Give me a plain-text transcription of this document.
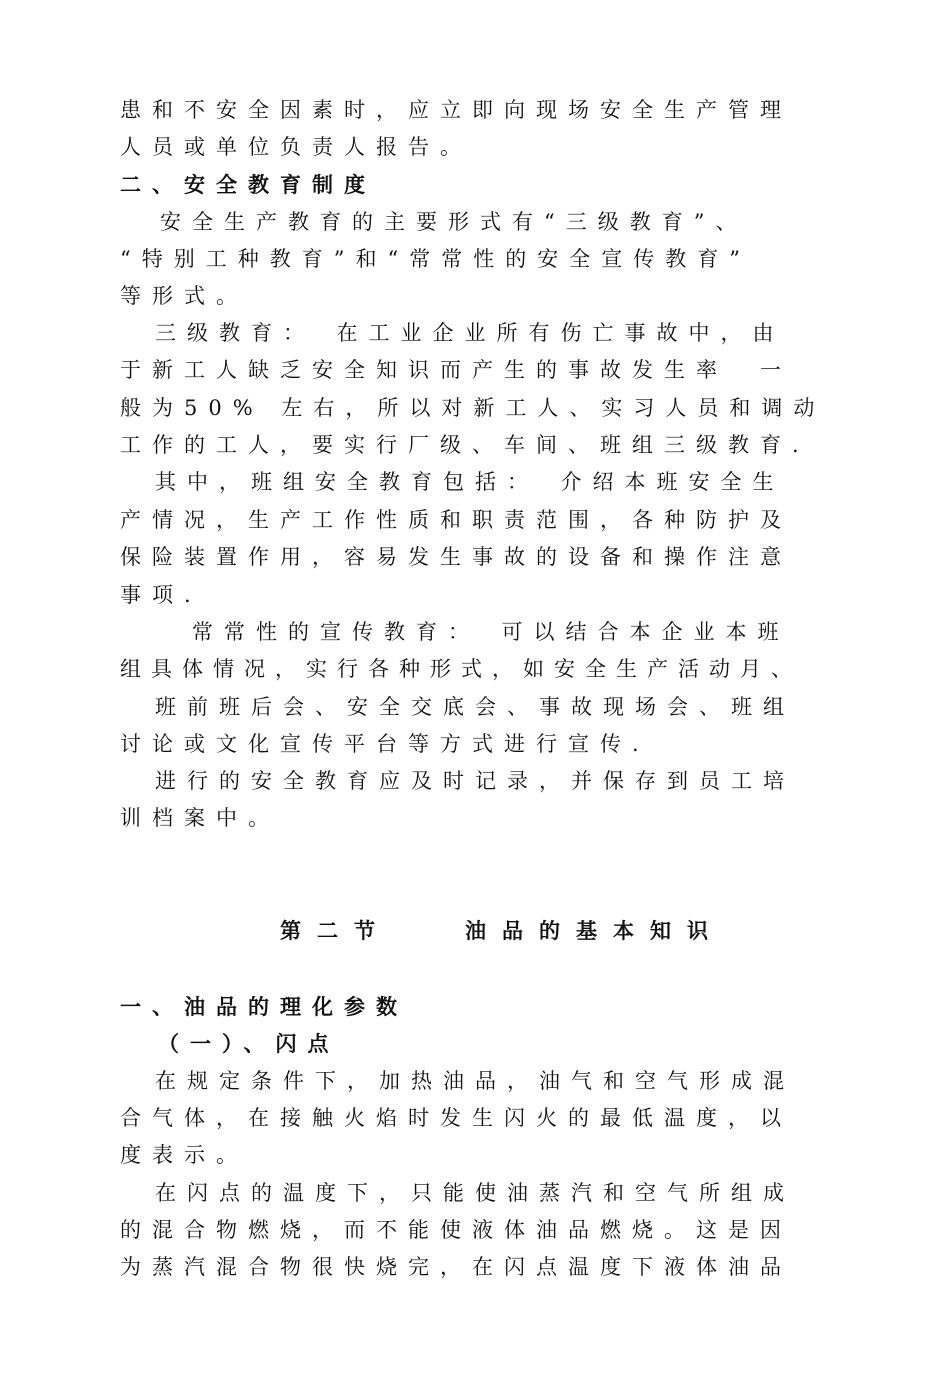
患和不安全因素时，应立即向现场安全生产管理
人员或单位负责人报告。
二、安全教育制度
安全生产教育的主要形式有“三级教育”、
“特别工种教育”和“常常性的安全宣传教育”
等形式。
三级教育：　在工业企业所有伤亡事故中，由
于新工人缺乏安全知识而产生的事故发生率　一
般为50% 左右，所以对新工人、实习人员和调动
工作的工人，要实行厂级、车间、班组三级教育.
其中，班组安全教育包括：　介绍本班安全生
产情况，生产工作性质和职责范围，各种防护及
保险装置作用，容易发生事故的设备和操作注意
事项.
常常性的宣传教育：　可以结合本企业本班
组具体情况，实行各种形式，如安全生产活动月、
班前班后会、安全交底会、事故现场会、班组
讨论或文化宣传平台等方式进行宣传.
进行的安全教育应及时记录，并保存到员工培
训档案中。
第二节　　油品的基本知识
一、油品的理化参数
（一）、闪点
在规定条件下，加热油品，油气和空气形成混
合气体，在接触火焰时发生闪火的最低温度，以
度表示。
在闪点的温度下，只能使油蒸汽和空气所组成
的混合物燃烧，而不能使液体油品燃烧。这是因
为蒸汽混合物很快烧完，在闪点温度下液体油品
